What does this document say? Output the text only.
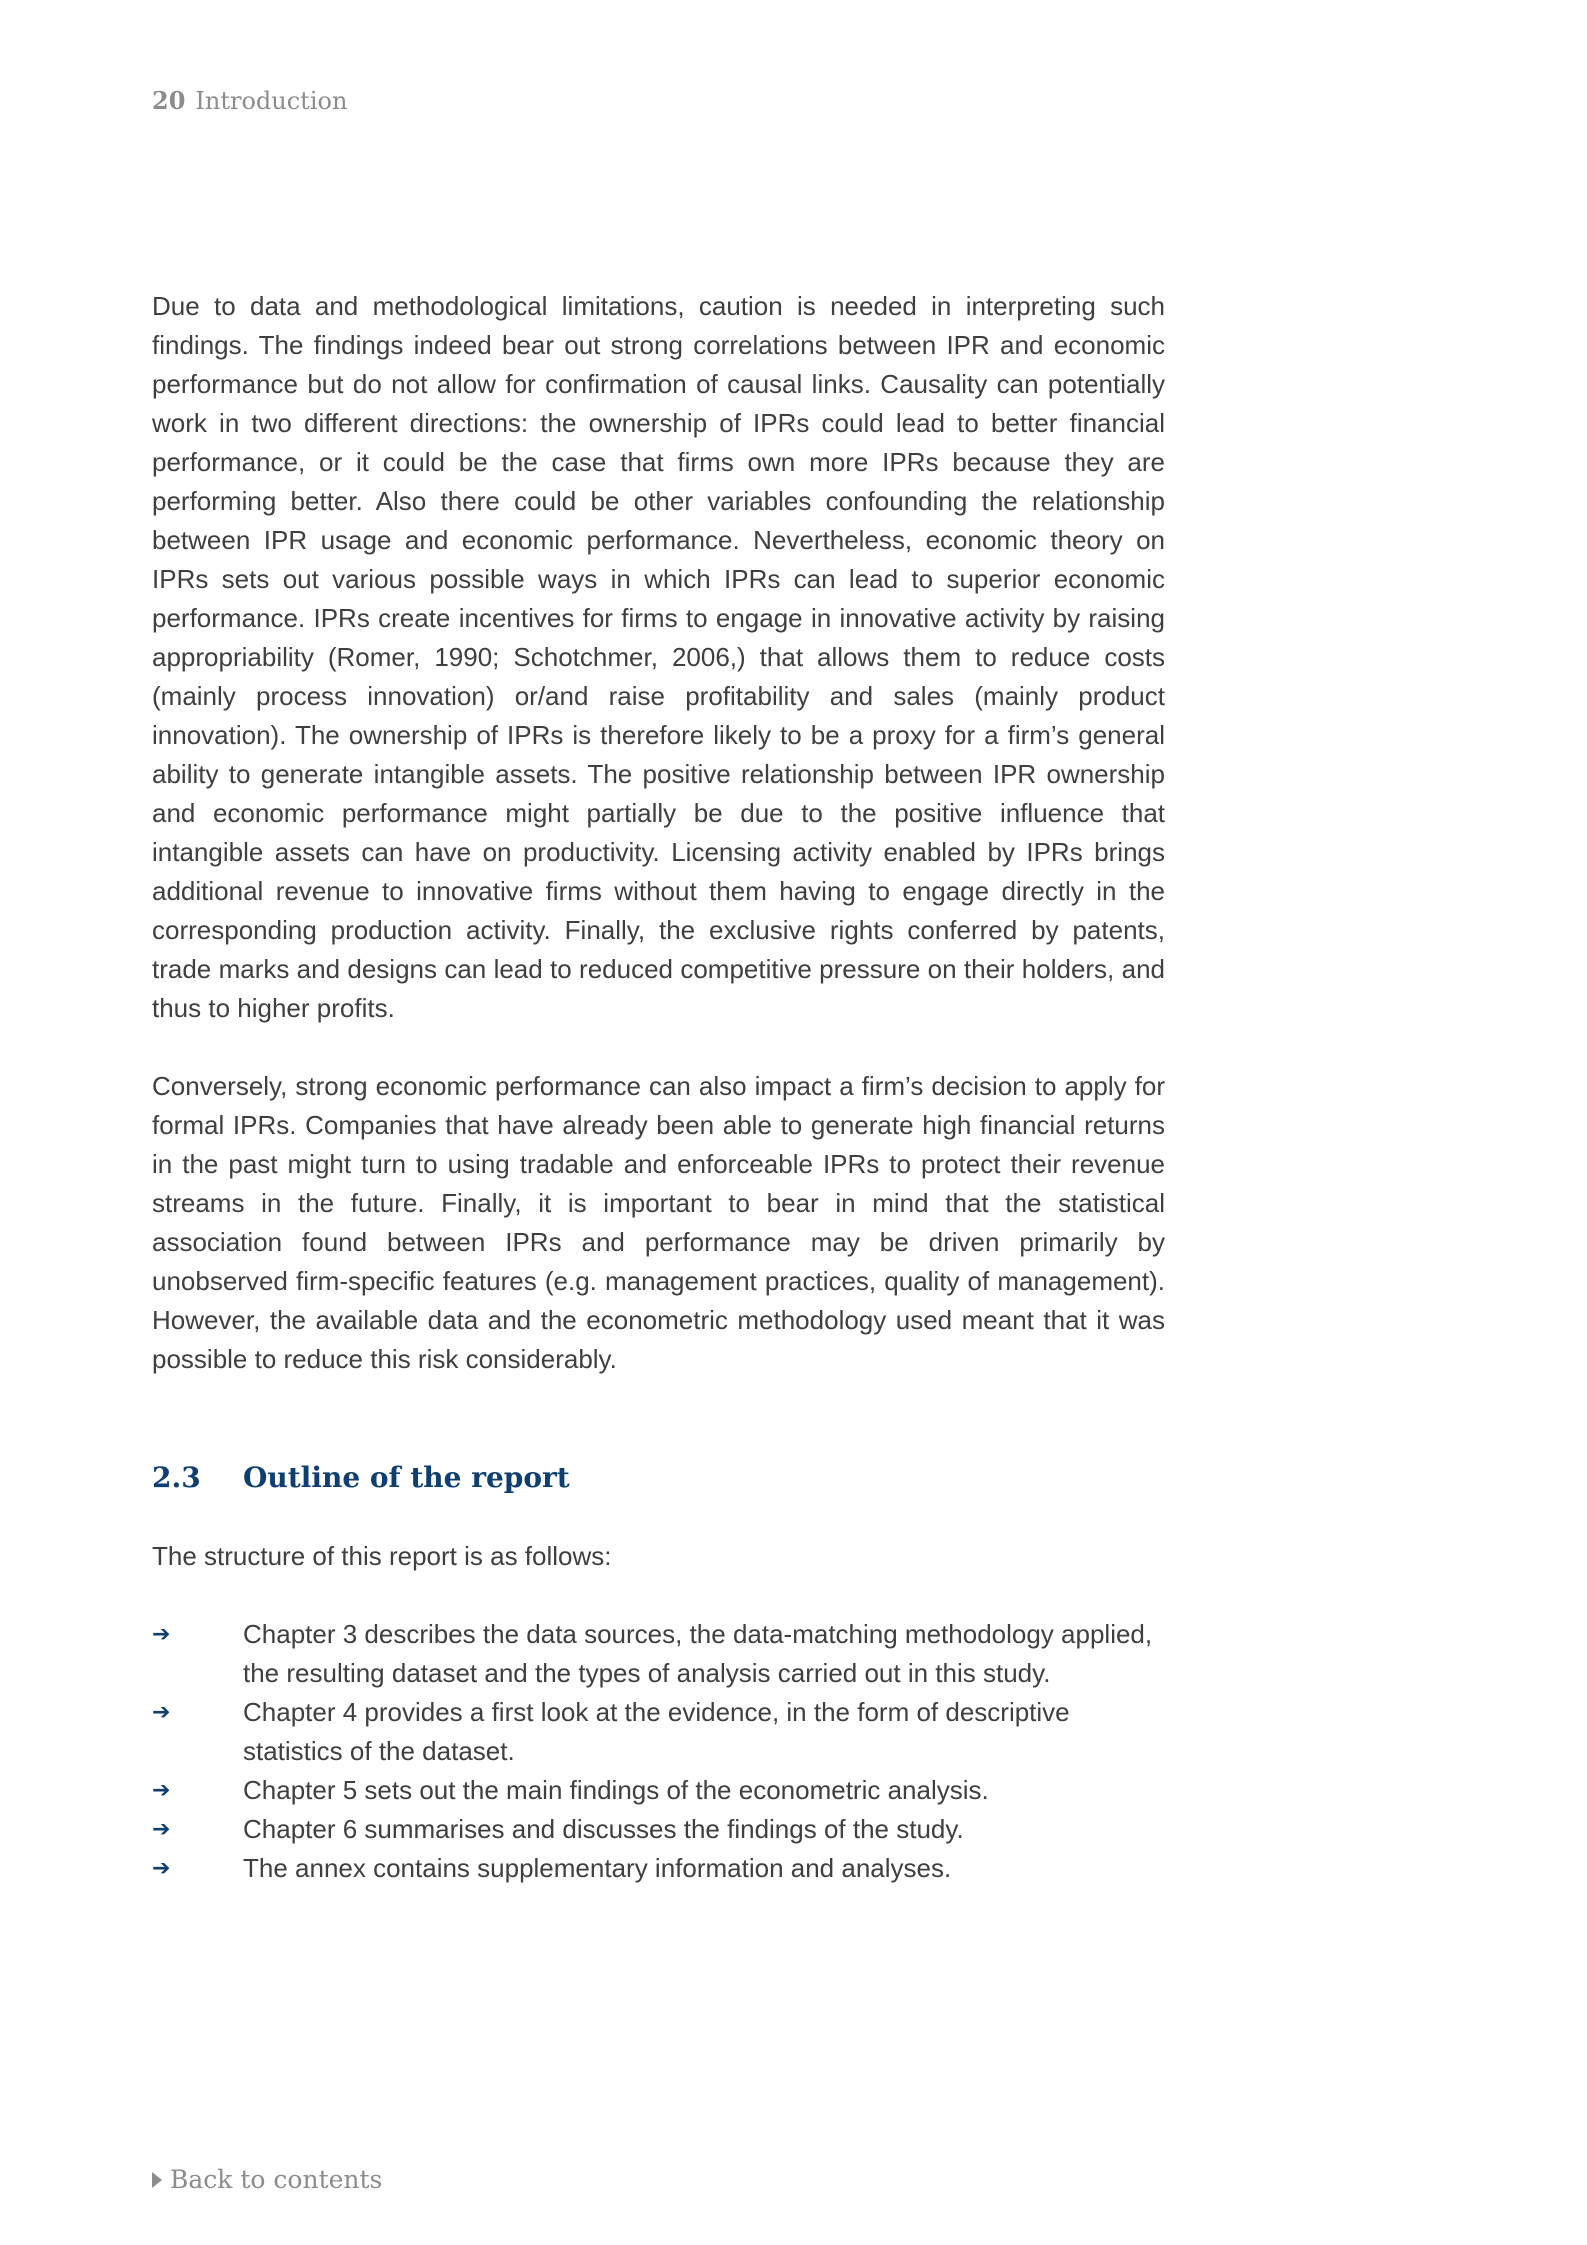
20 Introduction

Due to data and methodological limitations, caution is needed in interpreting such findings. The findings indeed bear out strong correlations between IPR and economic performance but do not allow for confirmation of causal links. Causality can potentially work in two different directions: the ownership of IPRs could lead to better financial performance, or it could be the case that firms own more IPRs because they are performing better. Also there could be other variables confounding the relationship between IPR usage and economic performance. Nevertheless, economic theory on IPRs sets out various possible ways in which IPRs can lead to superior economic performance. IPRs create incentives for firms to engage in innovative activity by raising appropriability (Romer, 1990; Schotchmer, 2006,) that allows them to reduce costs (mainly process innovation) or/and raise profitability and sales (mainly product innovation). The ownership of IPRs is therefore likely to be a proxy for a firm’s general ability to generate intangible assets. The positive relationship between IPR ownership and economic performance might partially be due to the positive influence that intangible assets can have on productivity. Licensing activity enabled by IPRs brings additional revenue to innovative firms without them having to engage directly in the corresponding production activity. Finally, the exclusive rights conferred by patents, trade marks and designs can lead to reduced competitive pressure on their holders, and thus to higher profits.

Conversely, strong economic performance can also impact a firm’s decision to apply for formal IPRs. Companies that have already been able to generate high financial returns in the past might turn to using tradable and enforceable IPRs to protect their revenue streams in the future. Finally, it is important to bear in mind that the statistical association found between IPRs and performance may be driven primarily by unobserved firm-specific features (e.g. management practices, quality of management). However, the available data and the econometric methodology used meant that it was possible to reduce this risk considerably.

2.3	Outline of the report
The structure of this report is as follows:
➔	Chapter 3 describes the data sources, the data-matching methodology applied, the resulting dataset and the types of analysis carried out in this study.
➔	Chapter 4 provides a first look at the evidence, in the form of descriptive statistics of the dataset.
➔	Chapter 5 sets out the main findings of the econometric analysis.
➔	Chapter 6 summarises and discusses the findings of the study.
➔	The annex contains supplementary information and analyses.
Back to contents
